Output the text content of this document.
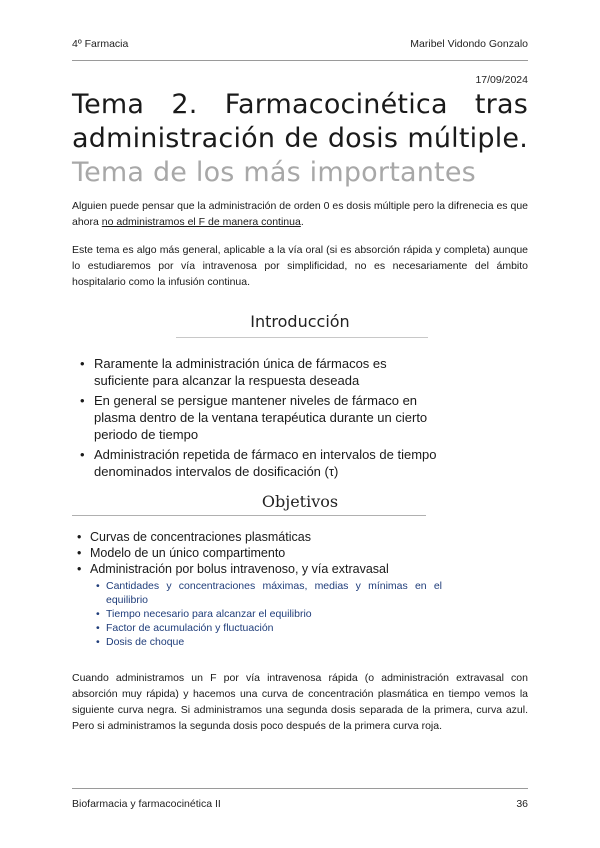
4º Farmacia	Maribel Vidondo Gonzalo
17/09/2024
Tema 2. Farmacocinética tras administración de dosis múltiple. Tema de los más importantes
Alguien puede pensar que la administración de orden 0 es dosis múltiple pero la difrenecia es que ahora no administramos el F de manera continua.
Este tema es algo más general, aplicable a la vía oral (si es absorción rápida y completa) aunque lo estudiaremos por vía intravenosa por simplificidad, no es necesariamente del ámbito hospitalario como la infusión continua.
Introducción
• Raramente la administración única de fármacos es suficiente para alcanzar la respuesta deseada
• En general se persigue mantener niveles de fármaco en plasma dentro de la ventana terapéutica durante un cierto periodo de tiempo
• Administración repetida de fármaco en intervalos de tiempo denominados intervalos de dosificación (τ)
Objetivos
• Curvas de concentraciones plasmáticas
• Modelo de un único compartimento
• Administración por bolus intravenoso, y vía extravasal
• Cantidades y concentraciones máximas, medias y mínimas en el equilibrio
• Tiempo necesario para alcanzar el equilibrio
• Factor de acumulación y fluctuación
• Dosis de choque
Cuando administramos un F por vía intravenosa rápida (o administración extravasal con absorción muy rápida) y hacemos una curva de concentración plasmática en tiempo vemos la siguiente curva negra. Si administramos una segunda dosis separada de la primera, curva azul. Pero si administramos la segunda dosis poco después de la primera curva roja.
Biofarmacia y farmacocinética II	36
